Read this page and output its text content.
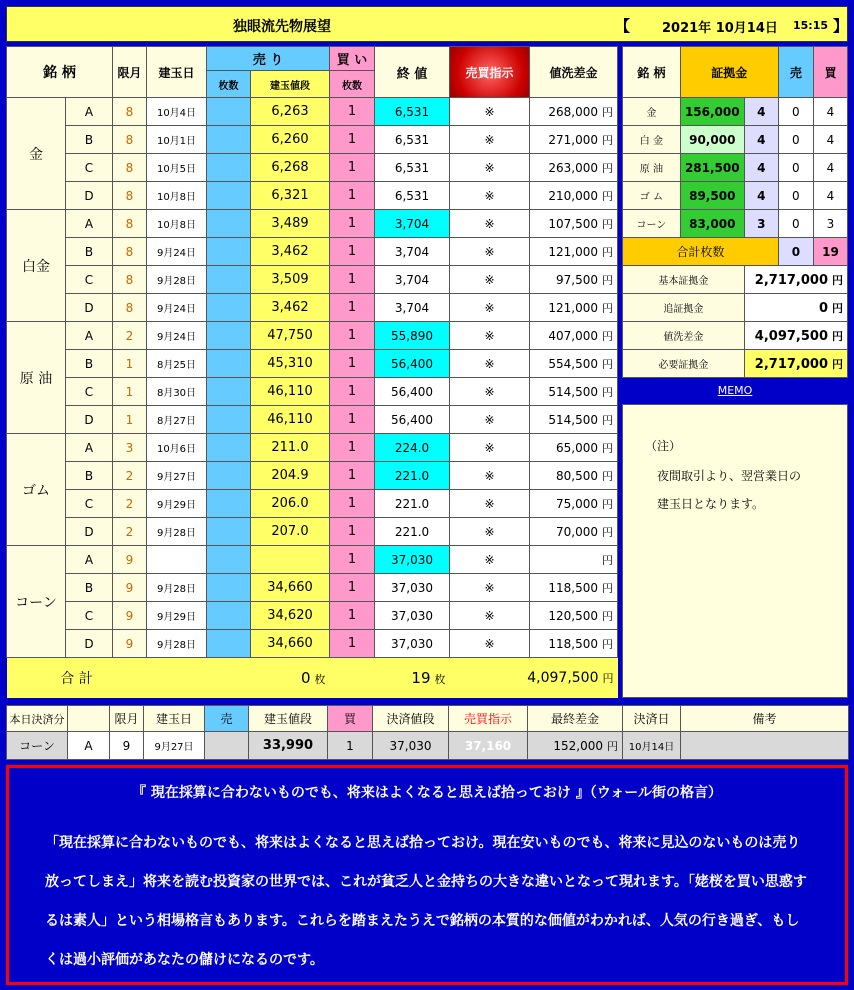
独眼流先物展望	【 2021年 10月14日 15:15 】
銘 柄		限月	建玉日	売 り		買 い	終 値	売買指示	値洗差金
				枚数	建玉値段	枚数			
金	A	8	10月4日		6,263	1	6,531	※	268,000 円
	B	8	10月1日		6,260	1	6,531	※	271,000 円
	C	8	10月5日		6,268	1	6,531	※	263,000 円
	D	8	10月8日		6,321	1	6,531	※	210,000 円
白金	A	8	10月8日		3,489	1	3,704	※	107,500 円
	B	8	9月24日		3,462	1	3,704	※	121,000 円
	C	8	9月28日		3,509	1	3,704	※	97,500 円
	D	8	9月24日		3,462	1	3,704	※	121,000 円
原 油	A	2	9月24日		47,750	1	55,890	※	407,000 円
	B	1	8月25日		45,310	1	56,400	※	554,500 円
	C	1	8月30日		46,110	1	56,400	※	514,500 円
	D	1	8月27日		46,110	1	56,400	※	514,500 円
ゴム	A	3	10月6日		211.0	1	224.0	※	65,000 円
	B	2	9月27日		204.9	1	221.0	※	80,500 円
	C	2	9月29日		206.0	1	221.0	※	75,000 円
	D	2	9月28日		207.0	1	221.0	※	70,000 円
コーン	A	9				1	37,030	※	円
	B	9	9月28日		34,660	1	37,030	※	118,500 円
	C	9	9月29日		34,620	1	37,030	※	120,500 円
	D	9	9月28日		34,660	1	37,030	※	118,500 円
合 計			0 枚			19 枚		4,097,500 円	
銘 柄	証拠金		売	買
金	156,000	4	0	4
白 金	90,000	4	0	4
原 油	281,500	4	0	4
ゴ ム	89,500	4	0	4
コーン	83,000	3	0	3
合計枚数			0	19
基本証拠金		2,717,000 円		
追証拠金		0 円		
値洗差金		4,097,500 円		
必要証拠金		2,717,000 円		
MEMO
（注）
夜間取引より、翌営業日の
建玉日となります。
本日決済分		限月	建玉日	売	建玉値段	買	決済値段	売買指示	最終差金	決済日	備考
コーン	A	9	9月27日		33,990	1	37,030	37,160	152,000 円	10月14日	
『 現在採算に合わないものでも、将来はよくなると思えば拾っておけ 』（ウォール街の格言）
「現在採算に合わないものでも、将来はよくなると思えば拾っておけ。現在安いものでも、将来に見込のないものは売り放ってしまえ」将来を読む投資家の世界では、これが貧乏人と金持ちの大きな違いとなって現れます。「姥桜を買い思惑するは素人」という相場格言もあります。これらを踏まえたうえで銘柄の本質的な価値がわかれば、人気の行き過ぎ、もしくは過小評価があなたの儲けになるのです。
